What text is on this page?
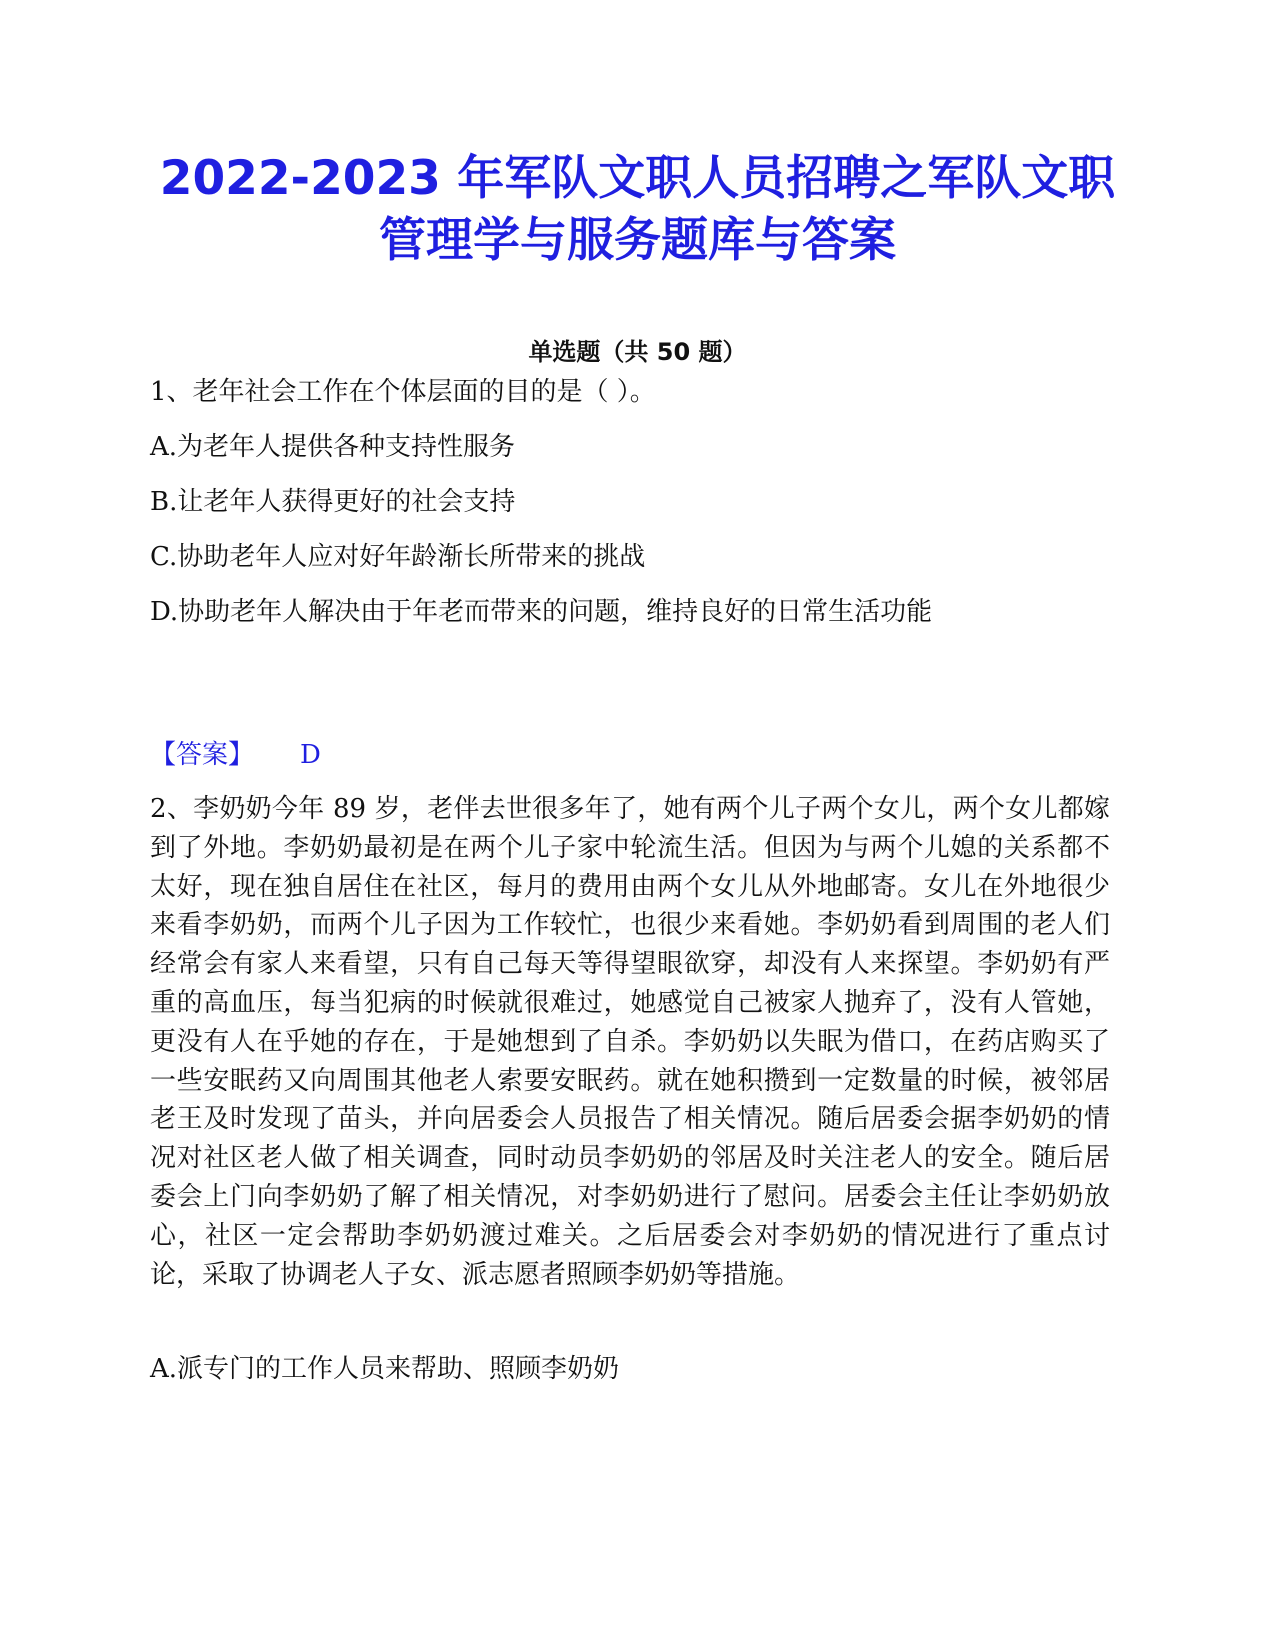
2022-2023 年军队文职人员招聘之军队文职
管理学与服务题库与答案
单选题（共 50 题）

1、老年社会工作在个体层面的目的是（ ）。

A.为老年人提供各种支持性服务

B.让老年人获得更好的社会支持

C.协助老年人应对好年龄渐长所带来的挑战

D.协助老年人解决由于年老而带来的问题，维持良好的日常生活功能

【答案】 D

2、李奶奶今年 89 岁，老伴去世很多年了，她有两个儿子两个女儿，两个女儿都嫁到了外地。李奶奶最初是在两个儿子家中轮流生活。但因为与两个儿媳的关系都不太好，现在独自居住在社区，每月的费用由两个女儿从外地邮寄。女儿在外地很少来看李奶奶，而两个儿子因为工作较忙，也很少来看她。李奶奶看到周围的老人们经常会有家人来看望，只有自己每天等得望眼欲穿，却没有人来探望。李奶奶有严重的高血压，每当犯病的时候就很难过，她感觉自己被家人抛弃了，没有人管她，更没有人在乎她的存在，于是她想到了自杀。李奶奶以失眠为借口，在药店购买了一些安眠药又向周围其他老人索要安眠药。就在她积攒到一定数量的时候，被邻居老王及时发现了苗头，并向居委会人员报告了相关情况。随后居委会据李奶奶的情况对社区老人做了相关调查，同时动员李奶奶的邻居及时关注老人的安全。随后居委会上门向李奶奶了解了相关情况，对李奶奶进行了慰问。居委会主任让李奶奶放心，社区一定会帮助李奶奶渡过难关。之后居委会对李奶奶的情况进行了重点讨论，采取了协调老人子女、派志愿者照顾李奶奶等措施。

A.派专门的工作人员来帮助、照顾李奶奶
